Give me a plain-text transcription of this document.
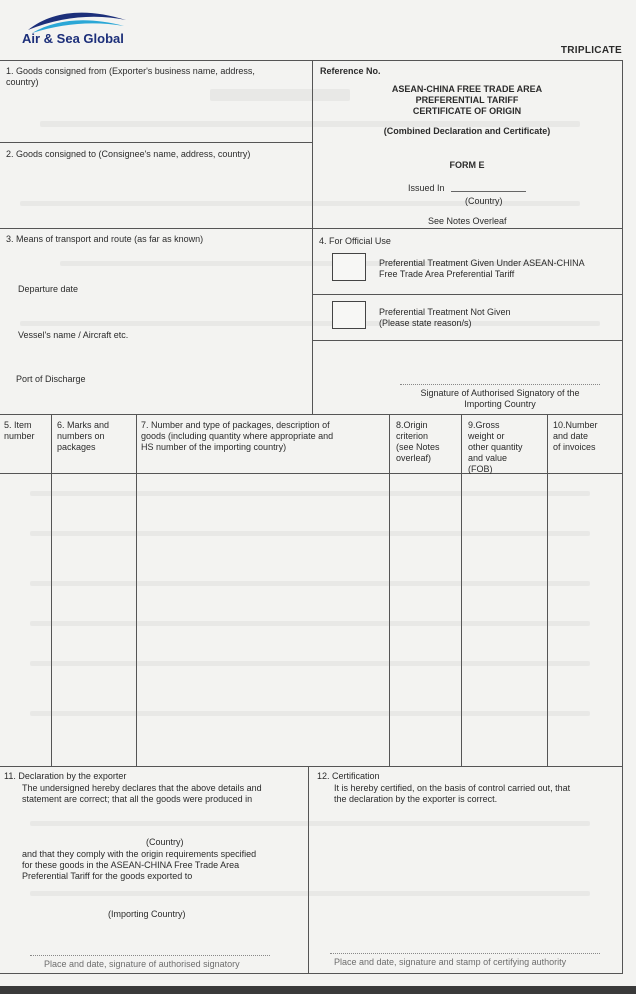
Air & Sea Global
TRIPLICATE
1. Goods consigned from (Exporter's business name, address,
country)
Reference No.
ASEAN-CHINA FREE TRADE AREA
PREFERENTIAL TARIFF
CERTIFICATE OF ORIGIN
(Combined Declaration and Certificate)
FORM E
Issued In
(Country)
See Notes Overleaf
2. Goods consigned to (Consignee's name, address, country)
3. Means of transport and route (as far as known)
Departure date
Vessel's name / Aircraft etc.
Port of Discharge
4. For Official Use
Preferential Treatment Given Under ASEAN-CHINA
Free Trade Area Preferential Tariff
Preferential Treatment Not Given
(Please state reason/s)
Signature of Authorised Signatory of the
Importing Country
5. Item
number
6. Marks and
numbers on
packages
7. Number and type of packages, description of
goods (including quantity where appropriate and
HS number of the importing country)
8.Origin
criterion
(see Notes
overleaf)
9.Gross
weight or
other quantity
and value
(FOB)
10.Number
and date
of invoices
11. Declaration by the exporter
The undersigned hereby declares that the above details and
statement are correct; that all the goods were produced in
(Country)
and that they comply with the origin requirements specified
for these goods in the ASEAN-CHINA Free Trade Area
Preferential Tariff for the goods exported to
(Importing Country)
Place and date, signature of authorised signatory
12. Certification
It is hereby certified, on the basis of control carried out, that
the declaration by the exporter is correct.
Place and date, signature and stamp of certifying authority
